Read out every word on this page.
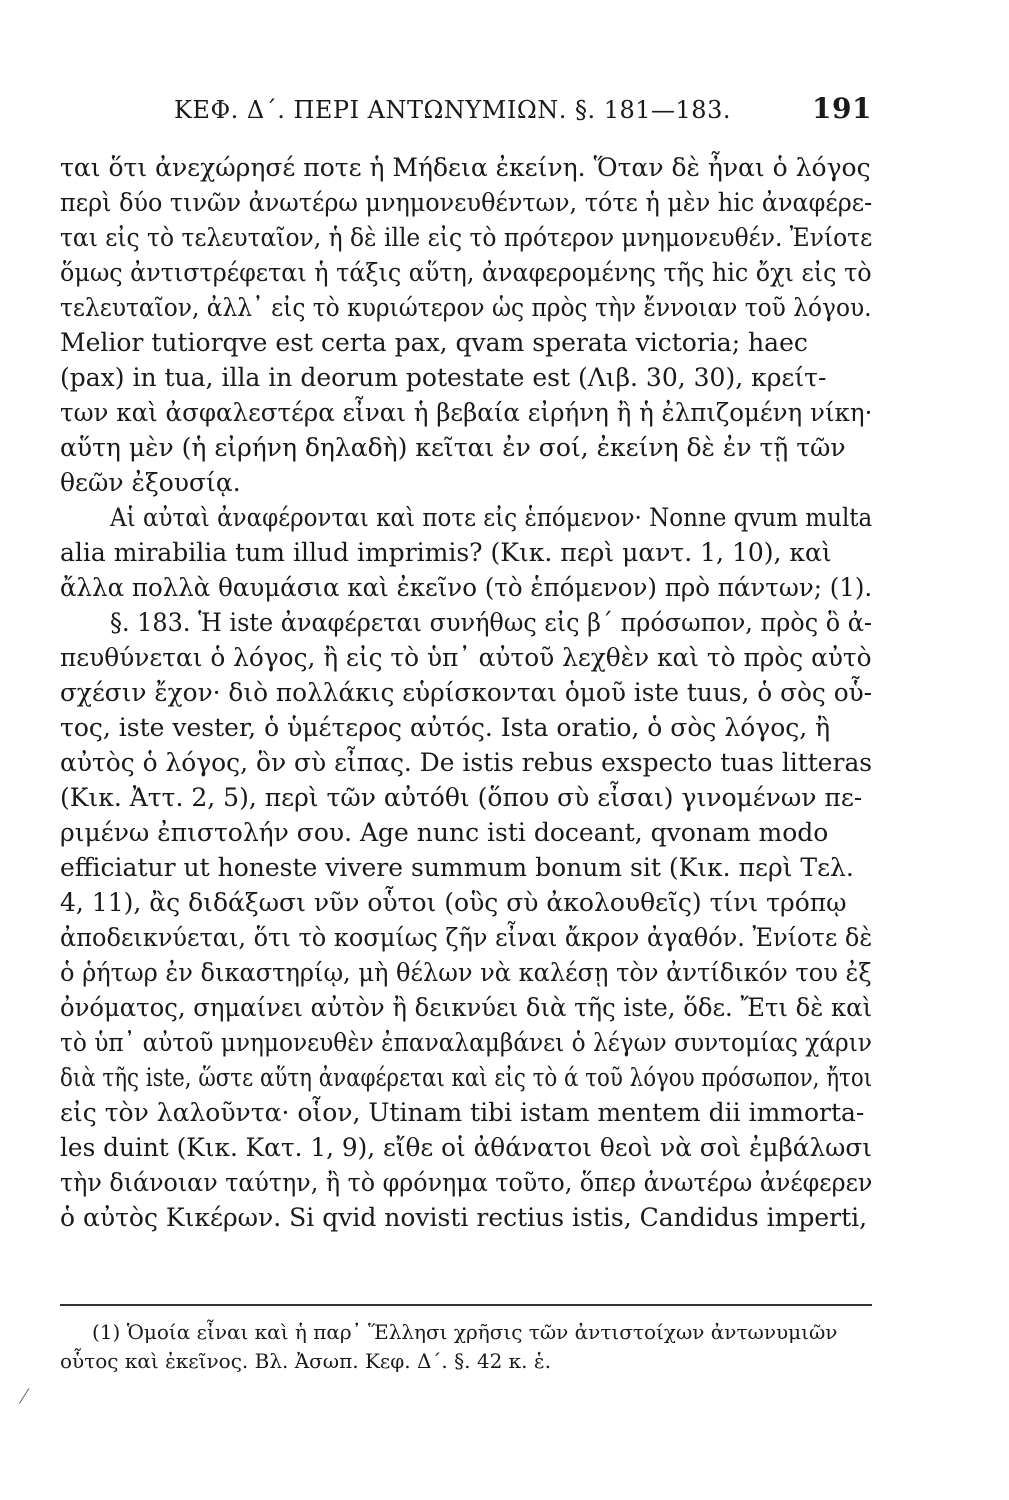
ΚΕΦ. Δ΄. ΠΕΡΙ ΑΝΤΩΝΥΜΙΩΝ. §. 181—183.	191
ται ὅτι ἀνεχώρησέ ποτε ἡ Μήδεια ἐκείνη. Ὅταν δὲ ἦναι ὁ λόγος
περὶ δύο τινῶν ἀνωτέρω μνημονευθέντων, τότε ἡ μὲν hic ἀναφέρε-
ται εἰς τὸ τελευταῖον, ἡ δὲ ille εἰς τὸ πρότερον μνημονευθέν. Ἐνίοτε
ὅμως ἀντιστρέφεται ἡ τάξις αὕτη, ἀναφερομένης τῆς hic ὄχι εἰς τὸ
τελευταῖον, ἀλλ᾽ εἰς τὸ κυριώτερον ὡς πρὸς τὴν ἔννοιαν τοῦ λόγου.
Melior tutiorqve est certa pax, qvam sperata victoria; haec
(pax) in tua, illa in deorum potestate est (Λιβ. 30, 30), κρείτ-
των καὶ ἀσφαλεστέρα εἶναι ἡ βεβαία εἰρήνη ἢ ἡ ἐλπιζομένη νίκη·
αὕτη μὲν (ἡ εἰρήνη δηλαδὴ) κεῖται ἐν σοί, ἐκείνη δὲ ἐν τῇ τῶν
θεῶν ἐξουσίᾳ.
Αἱ αὐταὶ ἀναφέρονται καὶ ποτε εἰς ἑπόμενον· Nonne qvum multa
alia mirabilia tum illud imprimis? (Κικ. περὶ μαντ. 1, 10), καὶ
ἄλλα πολλὰ θαυμάσια καὶ ἐκεῖνο (τὸ ἑπόμενον) πρὸ πάντων; (1).
§. 183. Ἡ iste ἀναφέρεται συνήθως εἰς β΄ πρόσωπον, πρὸς ὃ ἀ-
πευθύνεται ὁ λόγος, ἢ εἰς τὸ ὑπ᾽ αὐτοῦ λεχθὲν καὶ τὸ πρὸς αὐτὸ
σχέσιν ἔχον· διὸ πολλάκις εὑρίσκονται ὁμοῦ iste tuus, ὁ σὸς οὗ-
τος, iste vester, ὁ ὑμέτερος αὐτός. Ista oratio, ὁ σὸς λόγος, ἢ
αὐτὸς ὁ λόγος, ὃν σὺ εἶπας. De istis rebus exspecto tuas litteras
(Κικ. Ἀττ. 2, 5), περὶ τῶν αὐτόθι (ὅπου σὺ εἶσαι) γινομένων πε-
ριμένω ἐπιστολήν σου. Age nunc isti doceant, qvonam modo
efficiatur ut honeste vivere summum bonum sit (Κικ. περὶ Τελ.
4, 11), ἂς διδάξωσι νῦν οὗτοι (οὓς σὺ ἀκολουθεῖς) τίνι τρόπῳ
ἀποδεικνύεται, ὅτι τὸ κοσμίως ζῆν εἶναι ἄκρον ἀγαθόν. Ἐνίοτε δὲ
ὁ ῥήτωρ ἐν δικαστηρίῳ, μὴ θέλων νὰ καλέσῃ τὸν ἀντίδικόν του ἐξ
ὀνόματος, σημαίνει αὐτὸν ἢ δεικνύει διὰ τῆς iste, ὅδε. Ἔτι δὲ καὶ
τὸ ὑπ᾽ αὐτοῦ μνημονευθὲν ἐπαναλαμβάνει ὁ λέγων συντομίας χάριν
διὰ τῆς iste, ὥστε αὕτη ἀναφέρεται καὶ εἰς τὸ ά τοῦ λόγου πρόσωπον, ἤτοι
εἰς τὸν λαλοῦντα· οἷον, Utinam tibi istam mentem dii immorta-
les duint (Κικ. Κατ. 1, 9), εἴθε οἱ ἀθάνατοι θεοὶ νὰ σοὶ ἐμβάλωσι
τὴν διάνοιαν ταύτην, ἢ τὸ φρόνημα τοῦτο, ὅπερ ἀνωτέρω ἀνέφερεν
ὁ αὐτὸς Κικέρων. Si qvid novisti rectius istis, Candidus imperti,
(1) Ὁμοία εἶναι καὶ ἡ παρ᾽ Ἕλλησι χρῆσις τῶν ἀντιστοίχων ἀντωνυμιῶν
οὗτος καὶ ἐκεῖνος. Βλ. Ἀσωπ. Κεφ. Δ΄. §. 42 κ. ἑ.
